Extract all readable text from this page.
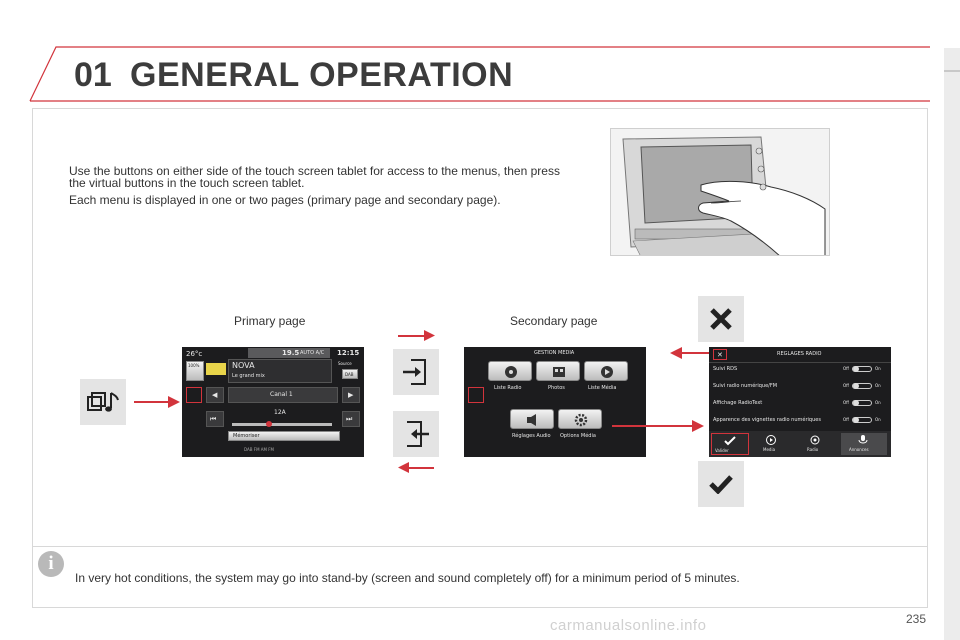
01 GENERAL OPERATION
Use the buttons on either side of the touch screen tablet for access to the menus, then press
the virtual buttons in the touch screen tablet.
Each menu is displayed in one or two pages (primary page and secondary page).
Primary page	Secondary page
26°c	19.5 AUTO A/C 12:15
100%	NOVA
Le grand mix
Source
DAB
◀	Canal 1	▶
⏮
12A
⏭
Mémoriser
DAB FM AM FM
GESTION MEDIA
Liste Radio	Photos	Liste Média
Réglages Audio Options Média
✕	REGLAGES RADIO
Suivi RDS	Off	On
Suivi radio numérique/FM	Off	On
Affichage RadioText	Off	On
Apparence des vignettes radio numériques	Off	On
Valider	Media	Radio	Annonces
i
In very hot conditions, the system may go into stand-by (screen and sound completely off) for a minimum period of 5 minutes.
235
carmanualsonline.info
